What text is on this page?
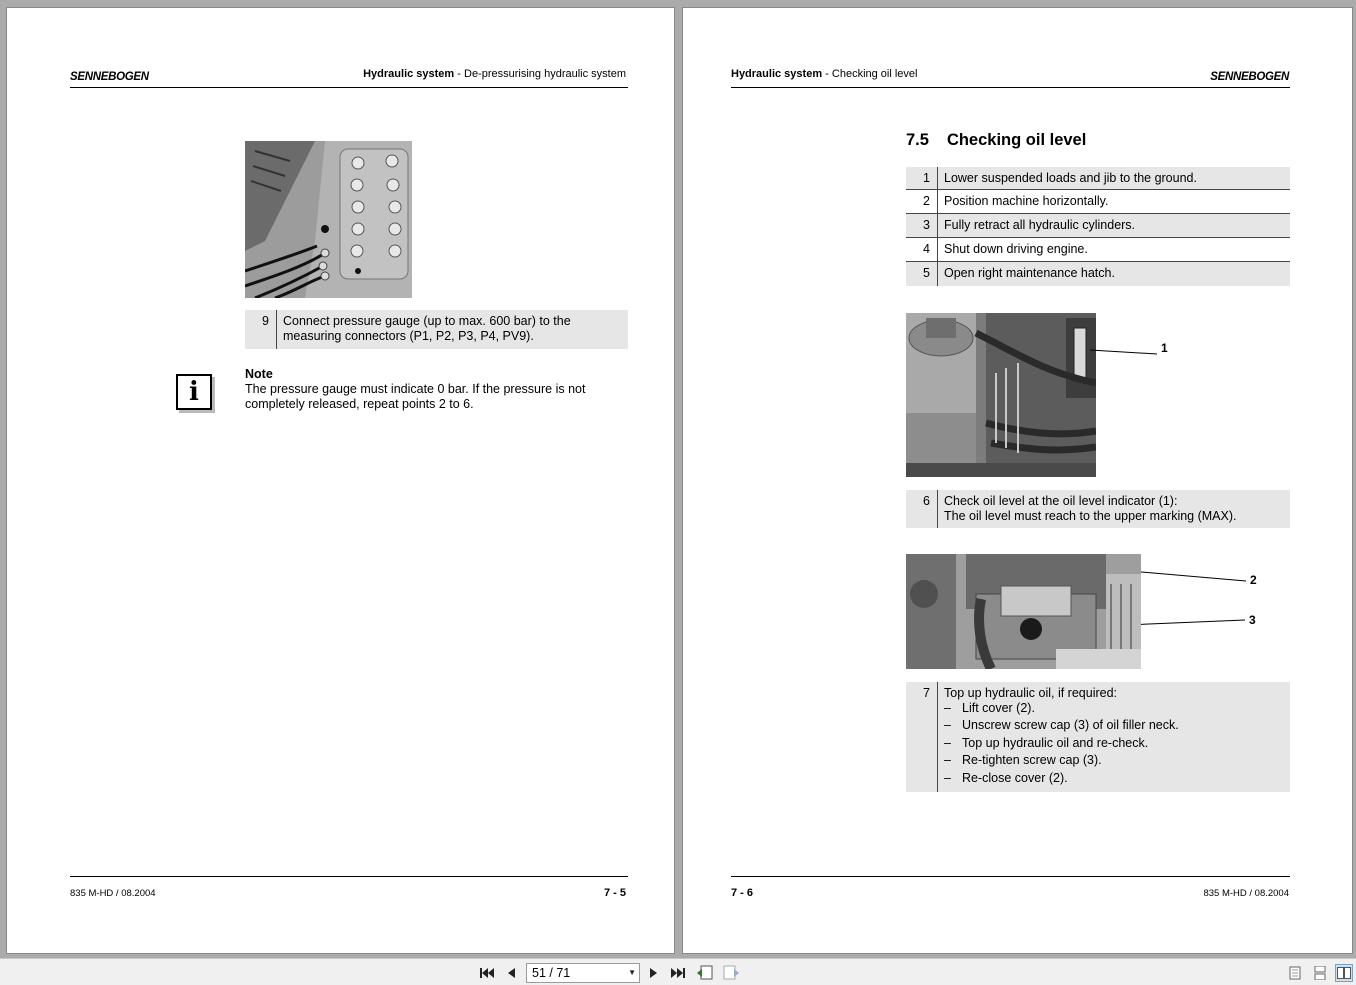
SENNEBOGEN	Hydraulic system - De-pressurising hydraulic system
9	Connect pressure gauge (up to max. 600 bar) to the measuring connectors (P1, P2, P3, P4, PV9).
i
Note
The pressure gauge must indicate 0 bar. If the pressure is not completely released, repeat points 2 to 6.
835 M-HD / 08.2004	7 - 5
Hydraulic system - Checking oil level	SENNEBOGEN
7.5 Checking oil level
1	Lower suspended loads and jib to the ground.
2	Position machine horizontally.
3	Fully retract all hydraulic cylinders.
4	Shut down driving engine.
5	Open right maintenance hatch.
1
6	Check oil level at the oil level indicator (1):
The oil level must reach to the upper marking (MAX).
2
3
7	Top up hydraulic oil, if required:
– Lift cover (2).
– Unscrew screw cap (3) of oil filler neck.
– Top up hydraulic oil and re-check.
– Re-tighten screw cap (3).
– Re-close cover (2).
7 - 6	835 M-HD / 08.2004
51 / 71	▼
